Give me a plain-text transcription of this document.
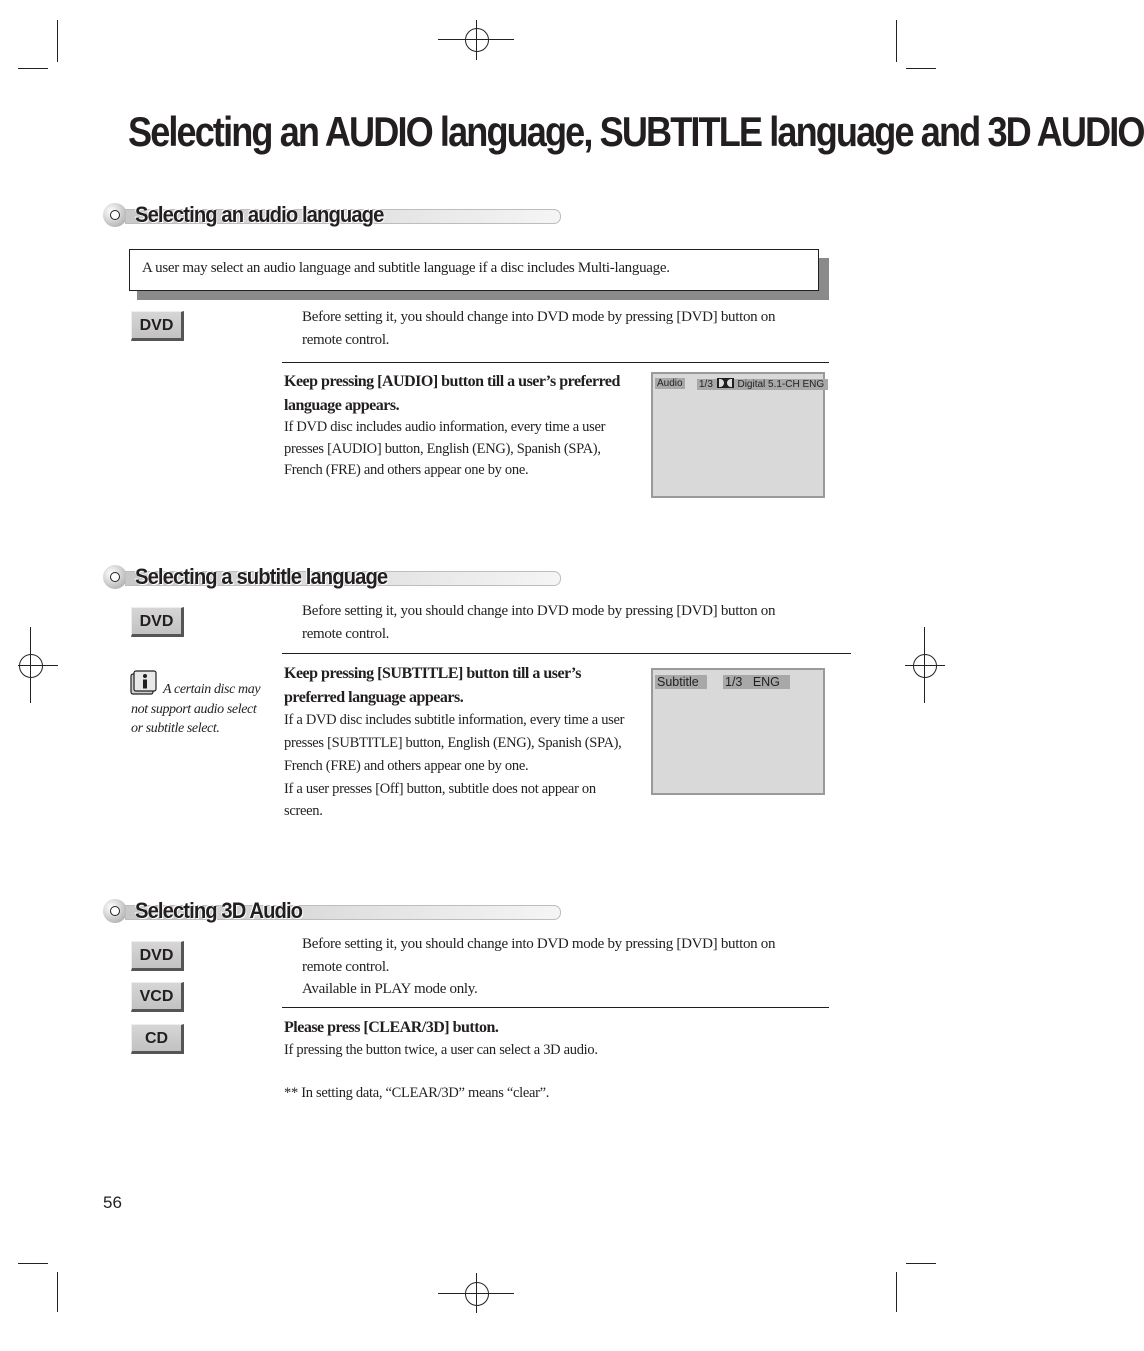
Selecting an AUDIO language, SUBTITLE language and 3D AUDIO
Selecting an audio language
A user may select an audio language and subtitle language if a disc includes Multi-language.
DVD	Before setting it, you should change into DVD mode by pressing [DVD] button on remote control.
Keep pressing [AUDIO] button till a user’s preferred language appears.
If DVD disc includes audio information, every time a user presses [AUDIO] button, English (ENG), Spanish (SPA), French (FRE) and others appear one by one.
Audio 1/3 Digital 5.1-CH ENG
Selecting a subtitle language
DVD
Before setting it, you should change into DVD mode by pressing [DVD] button on remote control.
A certain disc may not support audio select or subtitle select.
Keep pressing [SUBTITLE] button till a user’s preferred language appears.
If a DVD disc includes subtitle information, every time a user presses [SUBTITLE] button, English (ENG), Spanish (SPA), French (FRE) and others appear one by one.
If a user presses [Off] button, subtitle does not appear on screen.
Subtitle	1/3 ENG
Selecting 3D Audio
DVD
VCD
CD
Before setting it, you should change into DVD mode by pressing [DVD] button on remote control.
Available in PLAY mode only.
Please press [CLEAR/3D] button.
If pressing the button twice, a user can select a 3D audio.
** In setting data, “CLEAR/3D” means “clear”.
56
